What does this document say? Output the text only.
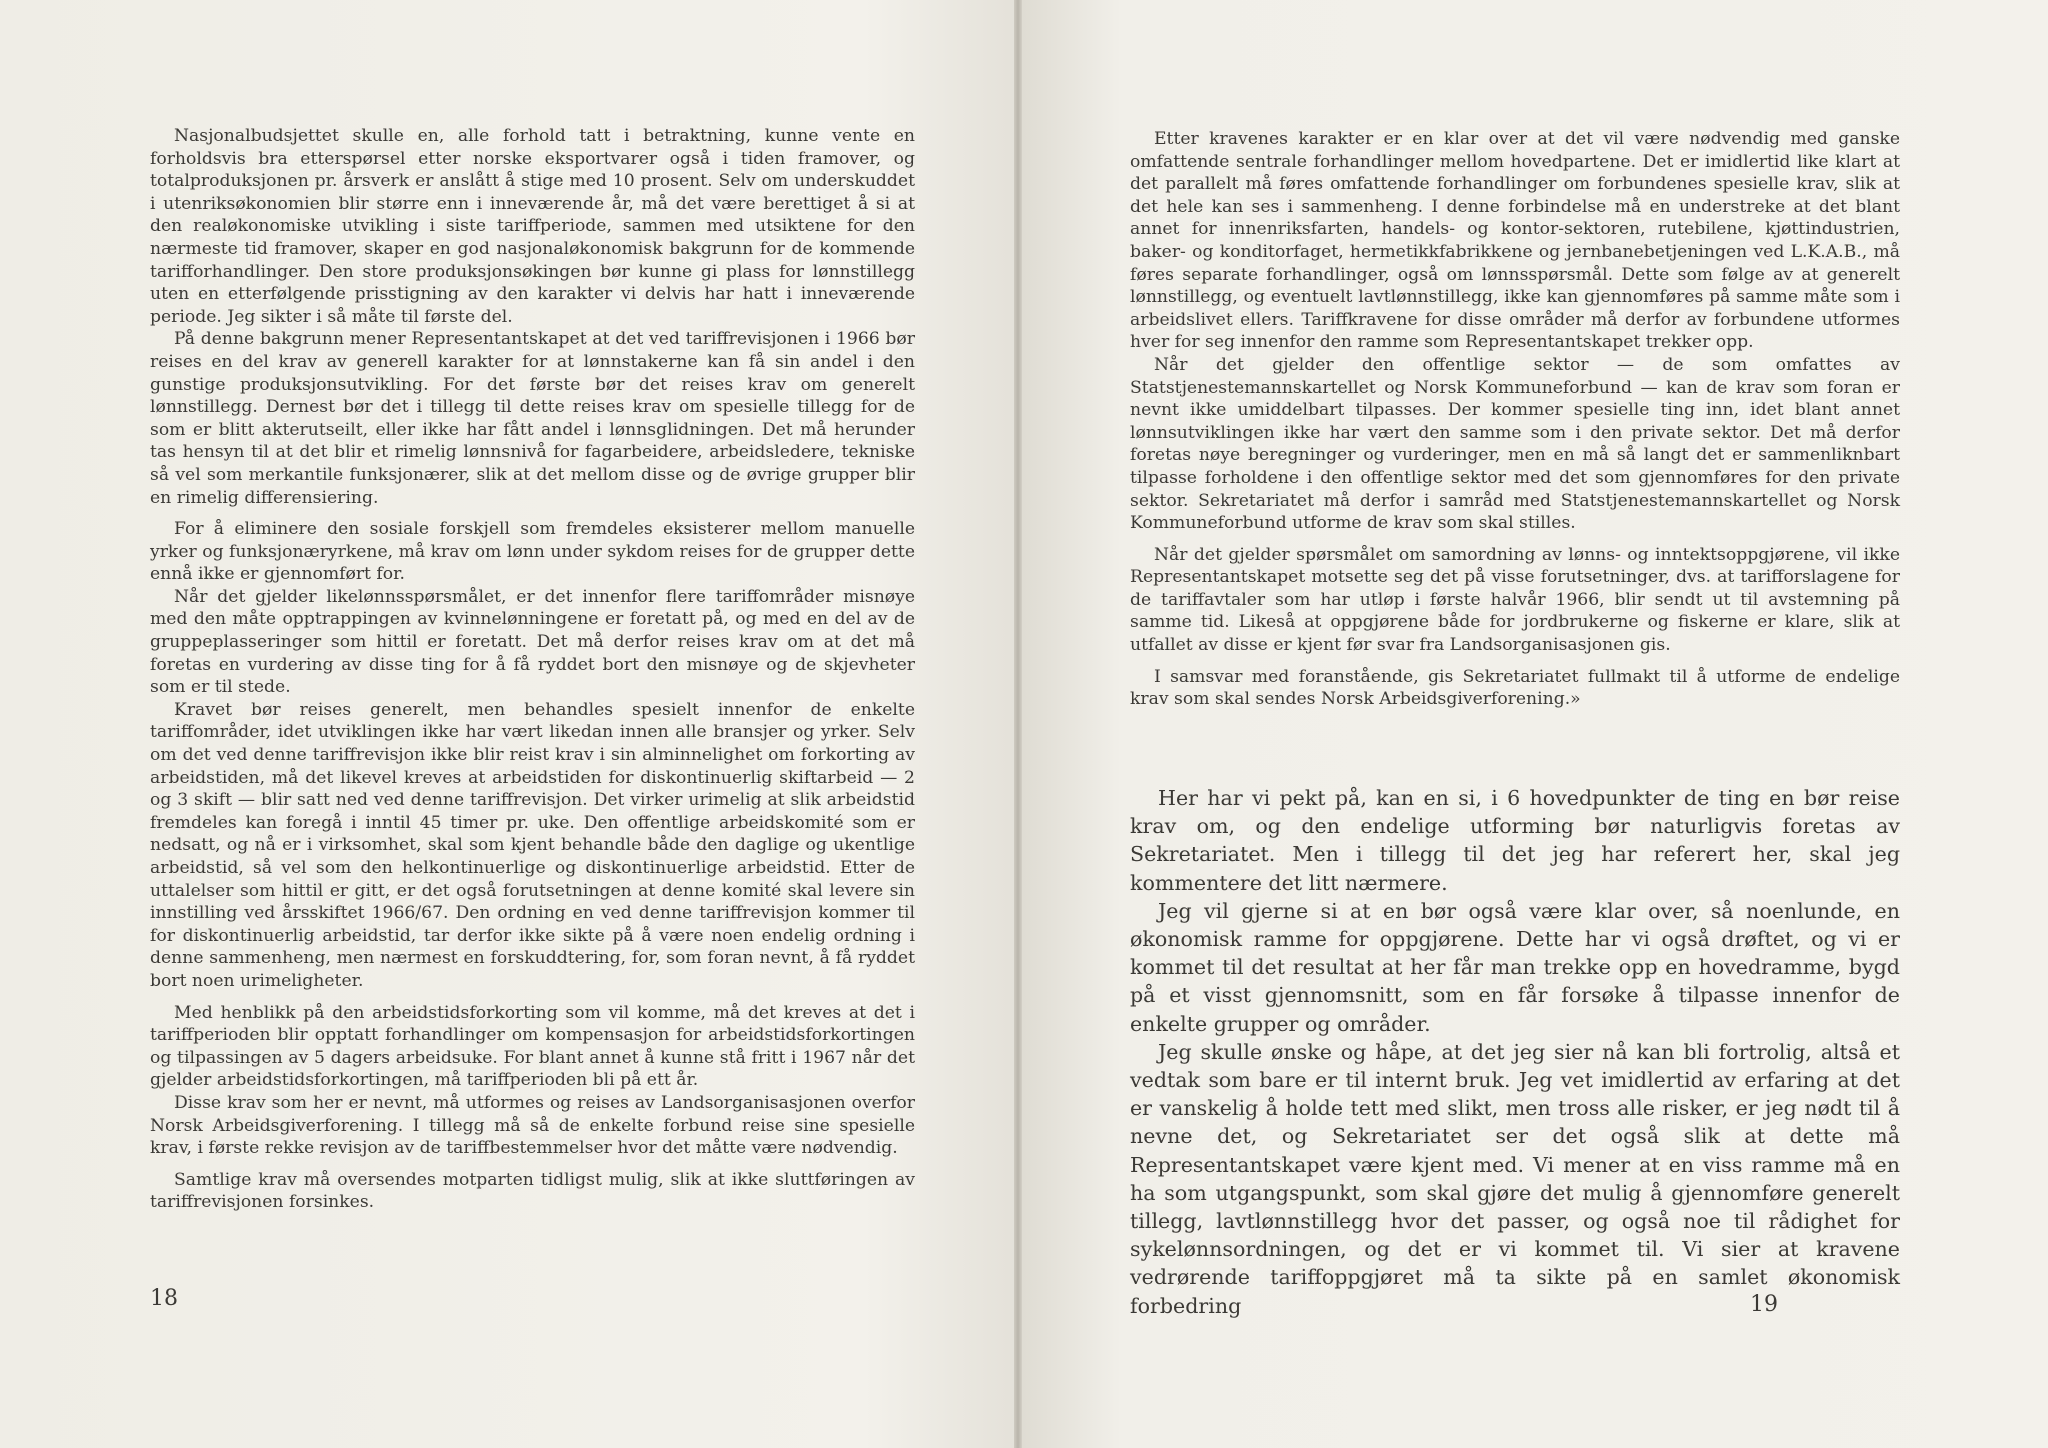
Nasjonalbudsjettet skulle en, alle forhold tatt i betraktning, kunne vente en forholdsvis bra etterspørsel etter norske eksportvarer også i tiden framover, og totalproduksjonen pr. årsverk er anslått å stige med 10 prosent. Selv om underskuddet i utenriksøkonomien blir større enn i inneværende år, må det være berettiget å si at den realøkonomiske utvikling i siste tariffperiode, sammen med utsiktene for den nærmeste tid framover, skaper en god nasjonaløkonomisk bakgrunn for de kommende tarifforhandlinger. Den store produksjonsøkingen bør kunne gi plass for lønnstillegg uten en etterfølgende prisstigning av den karakter vi delvis har hatt i inneværende periode. Jeg sikter i så måte til første del.

På denne bakgrunn mener Representantskapet at det ved tariffrevisjonen i 1966 bør reises en del krav av generell karakter for at lønnstakerne kan få sin andel i den gunstige produksjonsutvikling. For det første bør det reises krav om generelt lønnstillegg. Dernest bør det i tillegg til dette reises krav om spesielle tillegg for de som er blitt akterutseilt, eller ikke har fått andel i lønnsglidningen. Det må herunder tas hensyn til at det blir et rimelig lønnsnivå for fagarbeidere, arbeidsledere, tekniske så vel som merkantile funksjonærer, slik at det mellom disse og de øvrige grupper blir en rimelig differensiering.

For å eliminere den sosiale forskjell som fremdeles eksisterer mellom manuelle yrker og funksjonæryrkene, må krav om lønn under sykdom reises for de grupper dette ennå ikke er gjennomført for.

Når det gjelder likelønnsspørsmålet, er det innenfor flere tariffområder misnøye med den måte opptrappingen av kvinnelønningene er foretatt på, og med en del av de gruppeplasseringer som hittil er foretatt. Det må derfor reises krav om at det må foretas en vurdering av disse ting for å få ryddet bort den misnøye og de skjevheter som er til stede.

Kravet bør reises generelt, men behandles spesielt innenfor de enkelte tariffområder, idet utviklingen ikke har vært likedan innen alle bransjer og yrker. Selv om det ved denne tariffrevisjon ikke blir reist krav i sin alminnelighet om forkorting av arbeidstiden, må det likevel kreves at arbeidstiden for diskontinuerlig skiftarbeid — 2 og 3 skift — blir satt ned ved denne tariffrevisjon. Det virker urimelig at slik arbeidstid fremdeles kan foregå i inntil 45 timer pr. uke. Den offentlige arbeidskomité som er nedsatt, og nå er i virksomhet, skal som kjent behandle både den daglige og ukentlige arbeidstid, så vel som den helkontinuerlige og diskontinuerlige arbeidstid. Etter de uttalelser som hittil er gitt, er det også forutsetningen at denne komité skal levere sin innstilling ved årsskiftet 1966/67. Den ordning en ved denne tariffrevisjon kommer til for diskontinuerlig arbeidstid, tar derfor ikke sikte på å være noen endelig ordning i denne sammenheng, men nærmest en forskuddtering, for, som foran nevnt, å få ryddet bort noen urimeligheter.

Med henblikk på den arbeidstidsforkorting som vil komme, må det kreves at det i tariffperioden blir opptatt forhandlinger om kompensasjon for arbeidstidsforkortingen og tilpassingen av 5 dagers arbeidsuke. For blant annet å kunne stå fritt i 1967 når det gjelder arbeidstidsforkortingen, må tariffperioden bli på ett år.

Disse krav som her er nevnt, må utformes og reises av Landsorganisasjonen overfor Norsk Arbeidsgiverforening. I tillegg må så de enkelte forbund reise sine spesielle krav, i første rekke revisjon av de tariffbestemmelser hvor det måtte være nødvendig.

Samtlige krav må oversendes motparten tidligst mulig, slik at ikke sluttføringen av tariffrevisjonen forsinkes.

18

Etter kravenes karakter er en klar over at det vil være nødvendig med ganske omfattende sentrale forhandlinger mellom hovedpartene. Det er imidlertid like klart at det parallelt må føres omfattende forhandlinger om forbundenes spesielle krav, slik at det hele kan ses i sammenheng. I denne forbindelse må en understreke at det blant annet for innenriksfarten, handels- og kontor-sektoren, rutebilene, kjøttindustrien, baker- og konditorfaget, hermetikkfabrikkene og jernbanebetjeningen ved L.K.A.B., må føres separate forhandlinger, også om lønnsspørsmål. Dette som følge av at generelt lønnstillegg, og eventuelt lavtlønnstillegg, ikke kan gjennomføres på samme måte som i arbeidslivet ellers. Tariffkravene for disse områder må derfor av forbundene utformes hver for seg innenfor den ramme som Representantskapet trekker opp.

Når det gjelder den offentlige sektor — de som omfattes av Statstjenestemannskartellet og Norsk Kommuneforbund — kan de krav som foran er nevnt ikke umiddelbart tilpasses. Der kommer spesielle ting inn, idet blant annet lønnsutviklingen ikke har vært den samme som i den private sektor. Det må derfor foretas nøye beregninger og vurderinger, men en må så langt det er sammenliknbart tilpasse forholdene i den offentlige sektor med det som gjennomføres for den private sektor. Sekretariatet må derfor i samråd med Statstjenestemannskartellet og Norsk Kommuneforbund utforme de krav som skal stilles.

Når det gjelder spørsmålet om samordning av lønns- og inntektsoppgjørene, vil ikke Representantskapet motsette seg det på visse forutsetninger, dvs. at tarifforslagene for de tariffavtaler som har utløp i første halvår 1966, blir sendt ut til avstemning på samme tid. Likeså at oppgjørene både for jordbrukerne og fiskerne er klare, slik at utfallet av disse er kjent før svar fra Landsorganisasjonen gis.

I samsvar med foranstående, gis Sekretariatet fullmakt til å utforme de endelige krav som skal sendes Norsk Arbeidsgiverforening.»

Her har vi pekt på, kan en si, i 6 hovedpunkter de ting en bør reise krav om, og den endelige utforming bør naturligvis foretas av Sekretariatet. Men i tillegg til det jeg har referert her, skal jeg kommentere det litt nærmere.

Jeg vil gjerne si at en bør også være klar over, så noenlunde, en økonomisk ramme for oppgjørene. Dette har vi også drøftet, og vi er kommet til det resultat at her får man trekke opp en hovedramme, bygd på et visst gjennomsnitt, som en får forsøke å tilpasse innenfor de enkelte grupper og områder.

Jeg skulle ønske og håpe, at det jeg sier nå kan bli fortrolig, altså et vedtak som bare er til internt bruk. Jeg vet imidlertid av erfaring at det er vanskelig å holde tett med slikt, men tross alle risker, er jeg nødt til å nevne det, og Sekretariatet ser det også slik at dette må Representantskapet være kjent med. Vi mener at en viss ramme må en ha som utgangspunkt, som skal gjøre det mulig å gjennomføre generelt tillegg, lavtlønnstillegg hvor det passer, og også noe til rådighet for sykelønnsordningen, og det er vi kommet til. Vi sier at kravene vedrørende tariffoppgjøret må ta sikte på en samlet økonomisk forbedring	19
